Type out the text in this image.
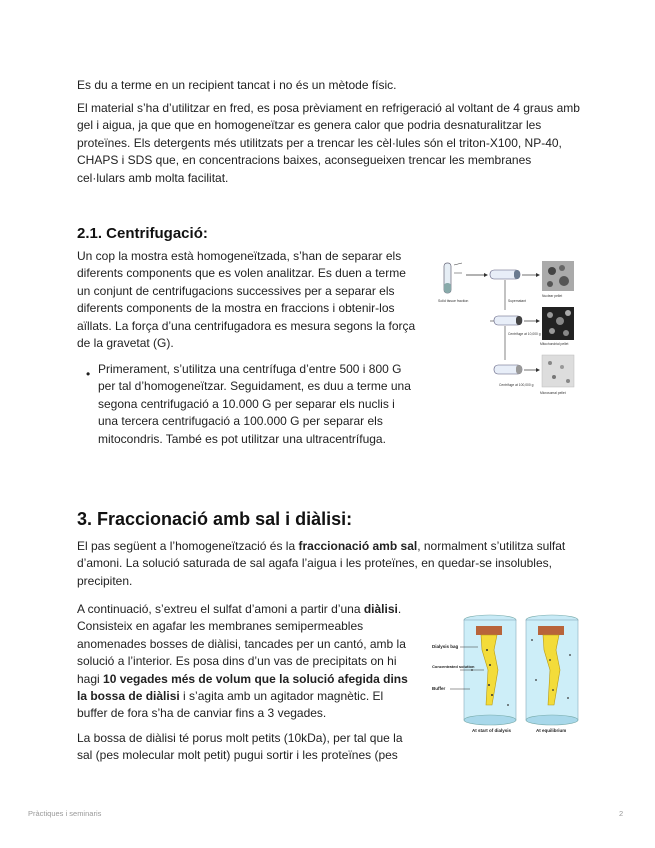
Es du a terme en un recipient tancat i no és un mètode físic.

El material s’ha d’utilitzar en fred, es posa prèviament en refrigeració al voltant de 4 graus amb gel i aigua, ja que que en homogeneïtzar es genera calor que podria desnaturalitzar les proteïnes. Els detergents més utilitzats per a trencar les cèl·lules són el triton-X100, NP-40, CHAPS i SDS que, en concentracions baixes, aconsegueixen trencar les membranes cel·lulars amb molta facilitat.

2.1. Centrifugació:

Un cop la mostra està homogeneïtzada, s’han de separar els diferents components que es volen analitzar. Es duen a terme un conjunt de centrifugacions successives per a separar els diferents components de la mostra en fraccions i obtenir-los aïllats. La força d’una centrifugadora es mesura segons la força de la gravetat (G).

• Primerament, s’utilitza una centrífuga d’entre 500 i 800 G per tal d’homogeneïtzar. Seguidament, es duu a terme una segona centrifugació a 10.000 G per separar els nuclis i una tercera centrifugació a 100.000 G per separar els mitocondris. També es pot utilitzar una ultracentrífuga.

Solid tissue fraction
Nuclear pellet
Supernatant
Centrifuge at 10,000 g
Mitochondrial pellet
Centrifuge at 100,000 g
Microsomal pellet
3. Fraccionació amb sal i diàlisi:

El pas següent a l’homogeneïtzació és la fraccionació amb sal, normalment s’utilitza sulfat d’amoni. La solució saturada de sal agafa l’aigua i les proteïnes, en quedar-se insolubles, precipiten.

A continuació, s’extreu el sulfat d’amoni a partir d’una diàlisi. Consisteix en agafar les membranes semipermeables anomenades bosses de diàlisi, tancades per un cantó, amb la solució a l’interior. Es posa dins d’un vas de precipitats on hi hagi 10 vegades més de volum que la solució afegida dins la bossa de diàlisi i s’agita amb un agitador magnètic. El buffer de fora s’ha de canviar fins a 3 vegades.

La bossa de diàlisi té porus molt petits (10kDa), per tal que la sal (pes molecular molt petit) pugui sortir i les proteïnes (pes

Dialysis bag
Concentrated solution
Buffer
At start of dialysis	At equilibrium
Pràctiques i seminaris	2
